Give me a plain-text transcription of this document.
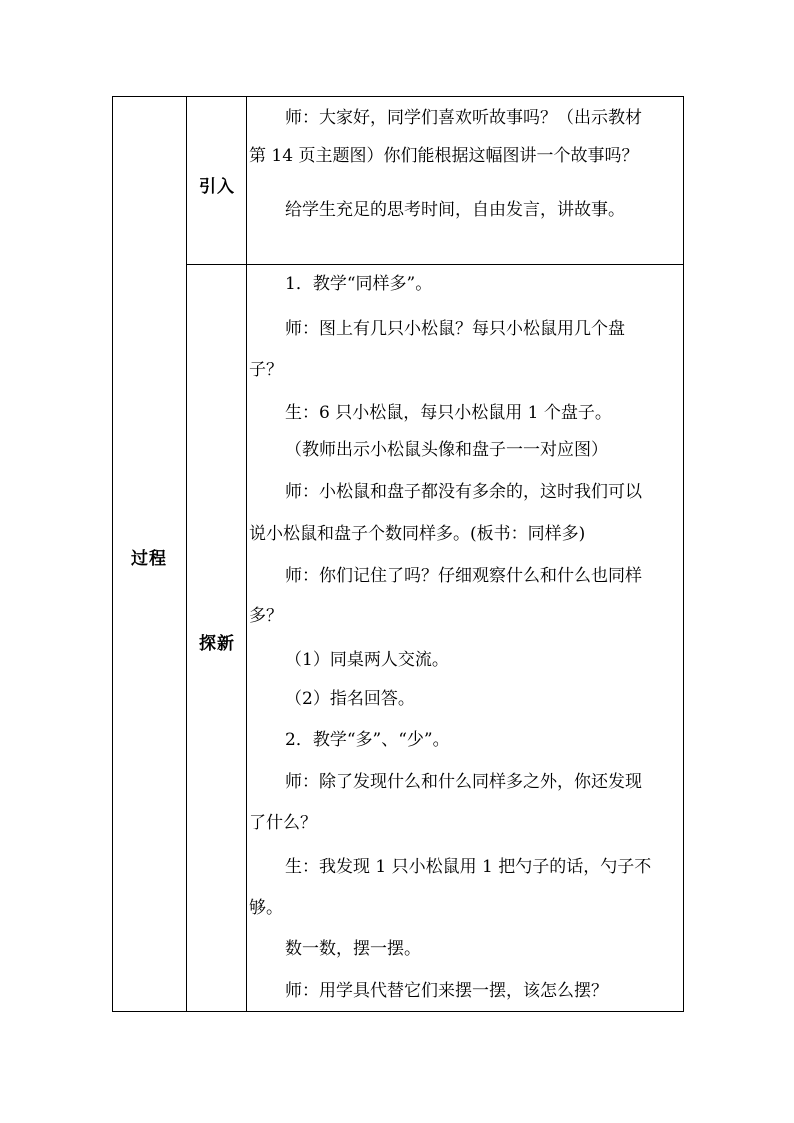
过程
引入
探新
师：大家好，同学们喜欢听故事吗？（出示教材
第 14 页主题图）你们能根据这幅图讲一个故事吗？
给学生充足的思考时间，自由发言，讲故事。
1．教学“同样多”。
师：图上有几只小松鼠？每只小松鼠用几个盘
子？
生：6 只小松鼠，每只小松鼠用 1 个盘子。
（教师出示小松鼠头像和盘子一一对应图）
师：小松鼠和盘子都没有多余的，这时我们可以
说小松鼠和盘子个数同样多。(板书：同样多)
师：你们记住了吗？仔细观察什么和什么也同样
多？
（1）同桌两人交流。
（2）指名回答。
2．教学“多”、“少”。
师：除了发现什么和什么同样多之外，你还发现
了什么？
生：我发现 1 只小松鼠用 1 把勺子的话，勺子不
够。
数一数，摆一摆。
师：用学具代替它们来摆一摆，该怎么摆？
